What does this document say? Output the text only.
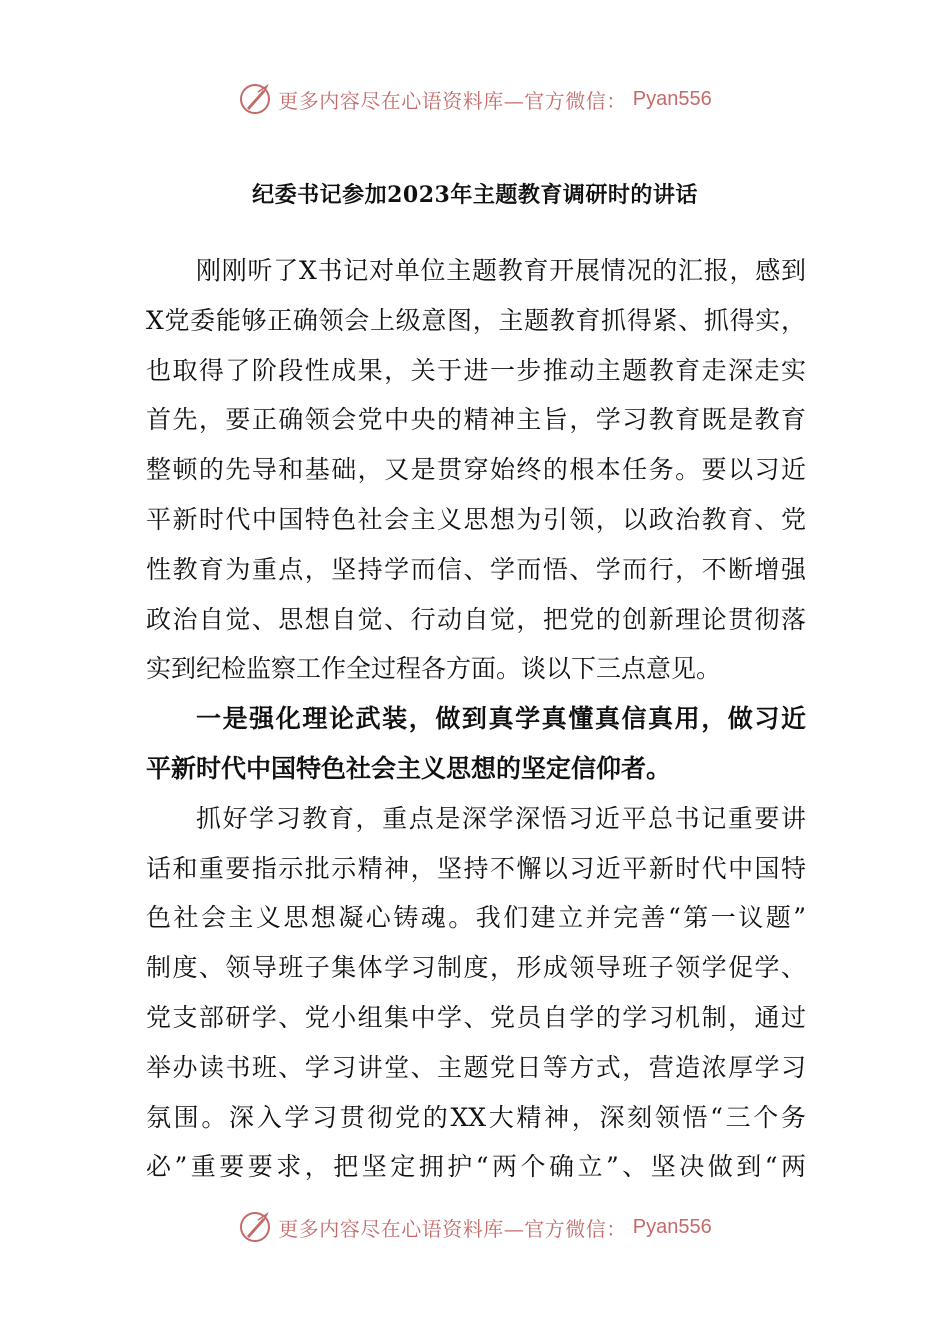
更多内容尽在心语资料库—官方微信： Pyan556
纪委书记参加2023年主题教育调研时的讲话
刚刚听了X书记对单位主题教育开展情况的汇报，感到
X党委能够正确领会上级意图，主题教育抓得紧、抓得实，
也取得了阶段性成果，关于进一步推动主题教育走深走实
首先，要正确领会党中央的精神主旨，学习教育既是教育
整顿的先导和基础，又是贯穿始终的根本任务。要以习近
平新时代中国特色社会主义思想为引领，以政治教育、党
性教育为重点，坚持学而信、学而悟、学而行，不断增强
政治自觉、思想自觉、行动自觉，把党的创新理论贯彻落
实到纪检监察工作全过程各方面。谈以下三点意见。
一是强化理论武装，做到真学真懂真信真用，做习近
平新时代中国特色社会主义思想的坚定信仰者。
抓好学习教育，重点是深学深悟习近平总书记重要讲
话和重要指示批示精神，坚持不懈以习近平新时代中国特
色社会主义思想凝心铸魂。我们建立并完善“第一议题”
制度、领导班子集体学习制度，形成领导班子领学促学、
党支部研学、党小组集中学、党员自学的学习机制，通过
举办读书班、学习讲堂、主题党日等方式，营造浓厚学习
氛围。深入学习贯彻党的XX大精神，深刻领悟“三个务
必”重要要求，把坚定拥护“两个确立”、坚决做到“两
更多内容尽在心语资料库—官方微信： Pyan556
